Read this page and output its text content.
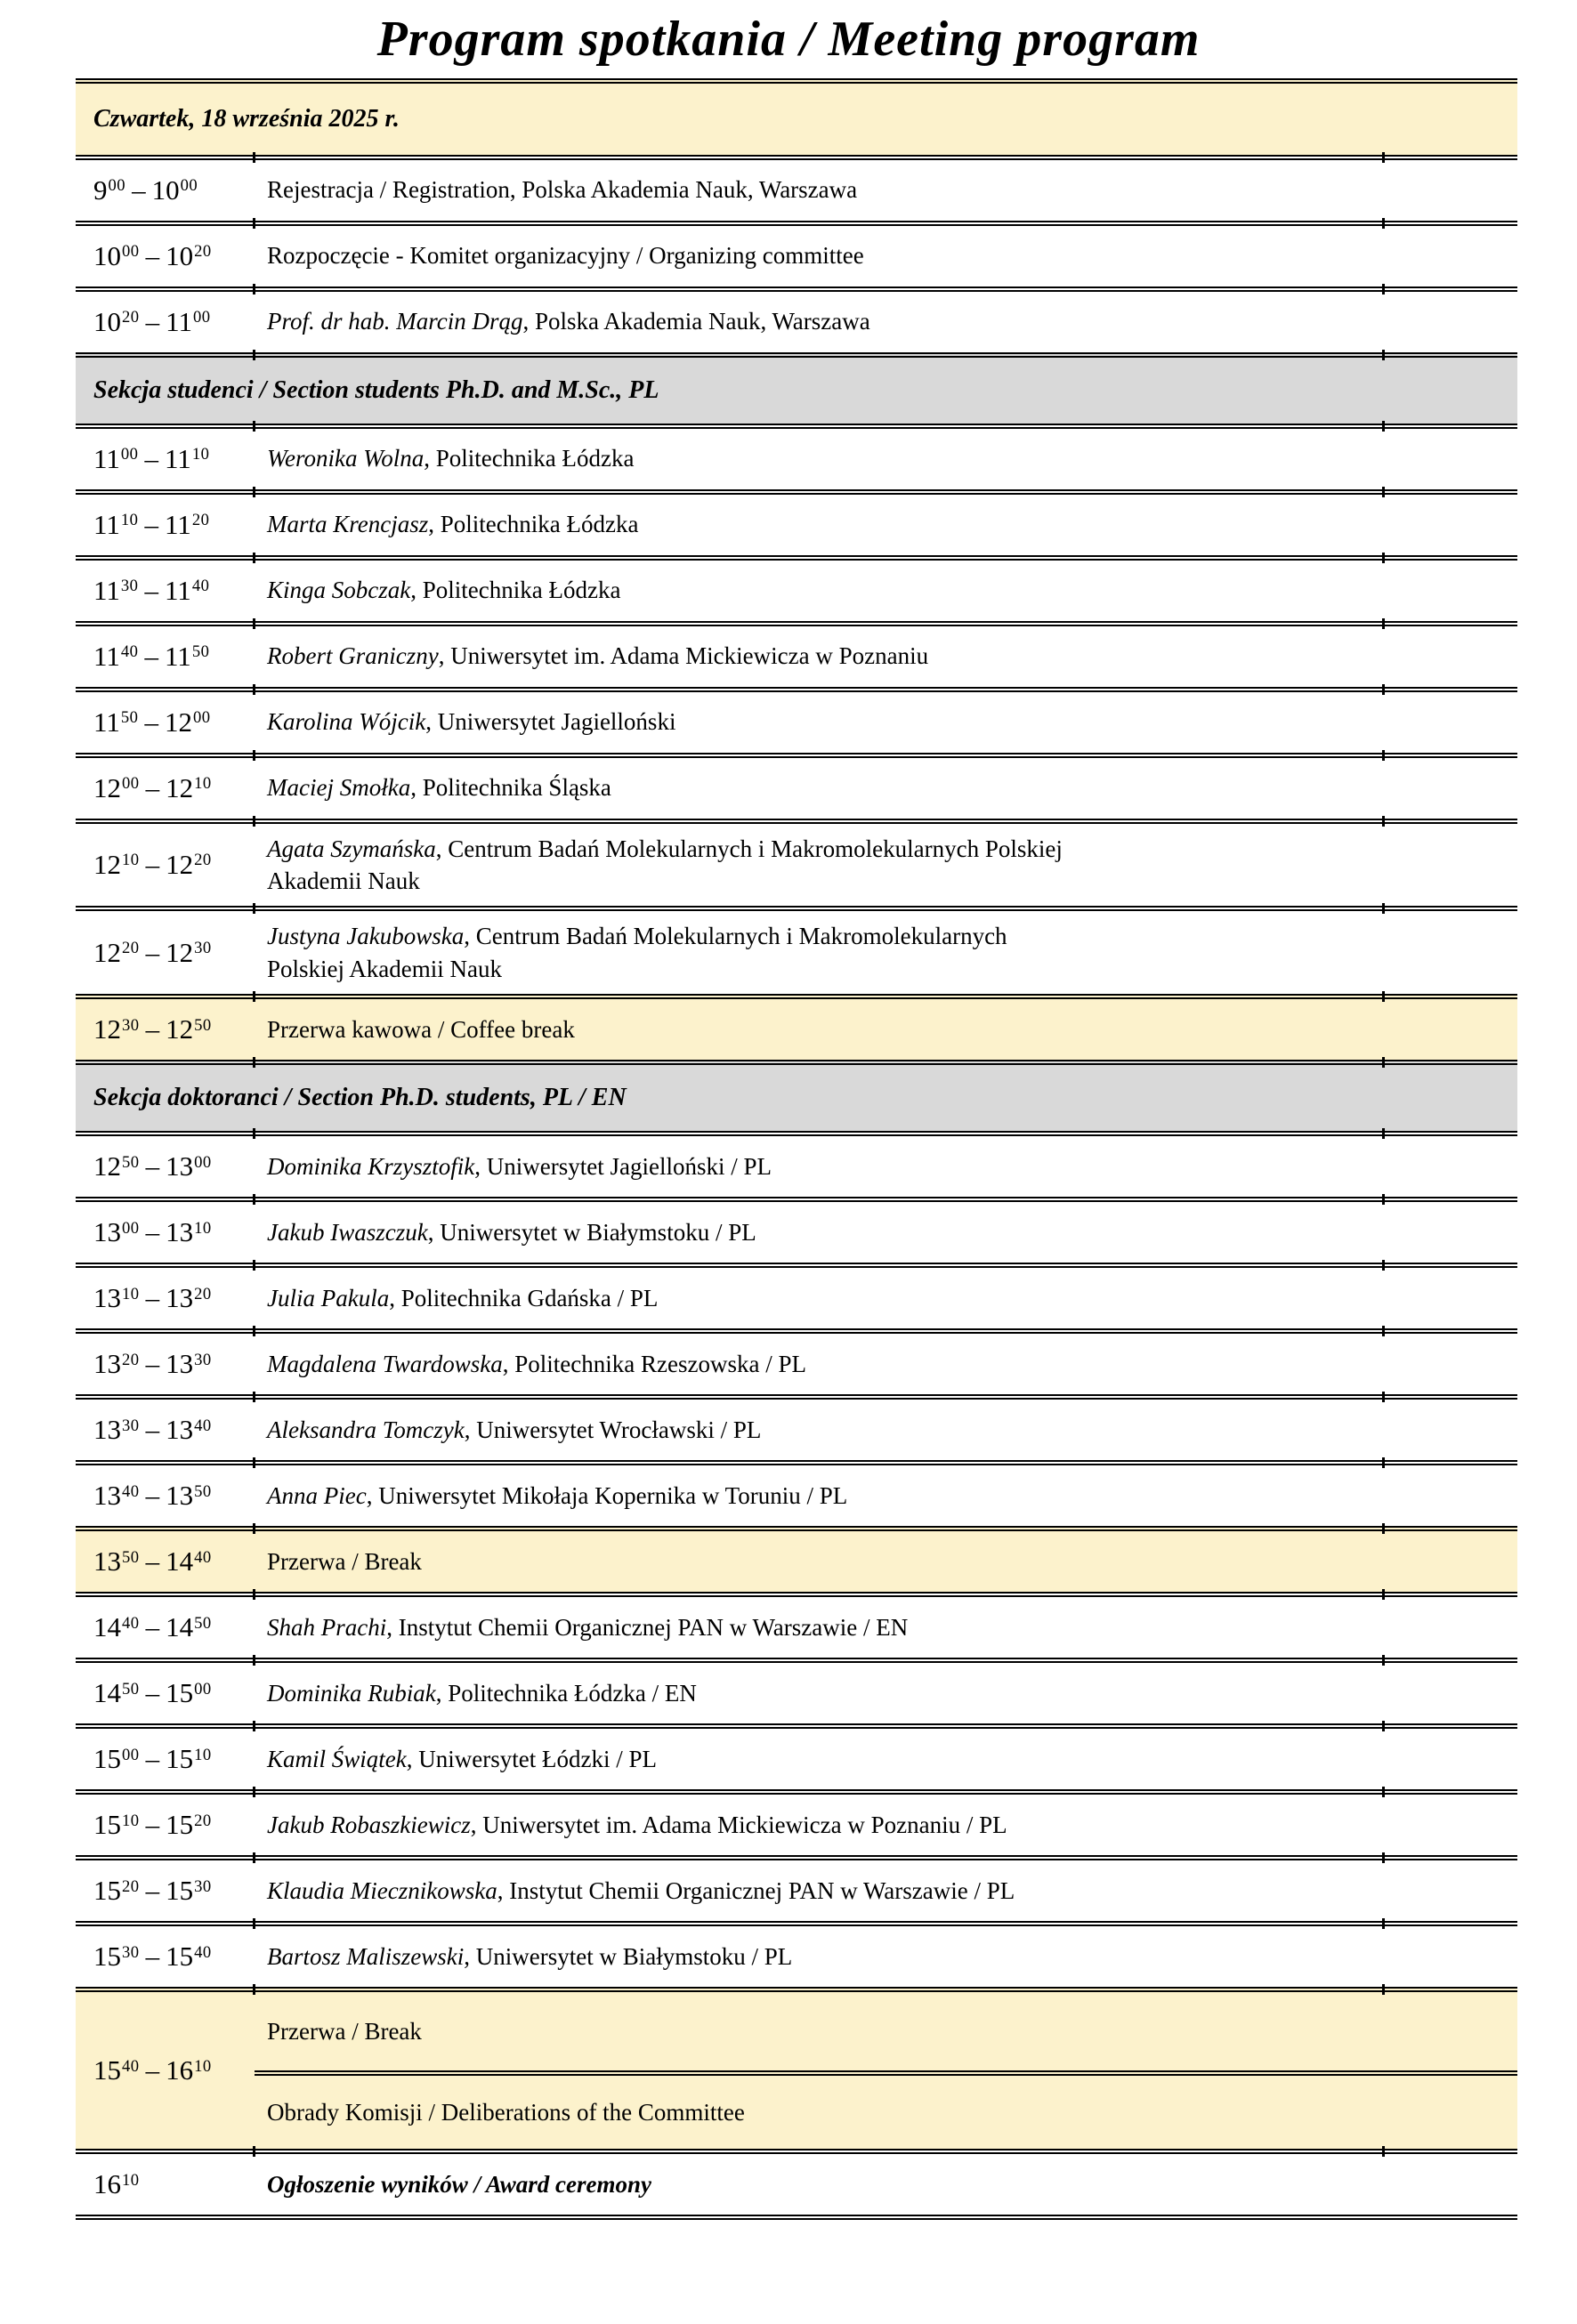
Program spotkania / Meeting program
Czwartek, 18 września 2025 r.
$9^{00} - 10^{00}$	Rejestracja / Registration, Polska Akademia Nauk, Warszawa
$10^{00} - 10^{20}$ Rozpoczęcie - Komitet organizacyjny / Organizing committee
$10^{20} - 11^{00}$ Prof. dr hab. Marcin Drąg, Polska Akademia Nauk, Warszawa
Sekcja studenci / Section students Ph.D. and M.Sc., PL
$11^{00} - 11^{10}$ Weronika Wolna, Politechnika Łódzka
$11^{10} - 11^{20}$ Marta Krencjasz, Politechnika Łódzka
$11^{30} - 11^{40}$ Kinga Sobczak, Politechnika Łódzka
$11^{40} - 11^{50}$ Robert Graniczny, Uniwersytet im. Adama Mickiewicza w Poznaniu
$11^{50} - 12^{00}$ Karolina Wójcik, Uniwersytet Jagielloński
$12^{00} - 12^{10}$ Maciej Smołka, Politechnika Śląska
$12^{10} - 12^{20}$ Agata Szymańska, Centrum Badań Molekularnych i Makromolekularnych Polskiej
Akademii Nauk
$12^{20} - 12^{30}$ Justyna Jakubowska, Centrum Badań Molekularnych i Makromolekularnych
Polskiej Akademii Nauk
$12^{30} - 12^{50}$ Przerwa kawowa / Coffee break
Sekcja doktoranci / Section Ph.D. students, PL / EN
$12^{50} - 13^{00}$ Dominika Krzysztofik, Uniwersytet Jagielloński / PL
$13^{00} - 13^{10}$ Jakub Iwaszczuk, Uniwersytet w Białymstoku / PL
$13^{10} - 13^{20}$ Julia Pakula, Politechnika Gdańska / PL
$13^{20} - 13^{30}$ Magdalena Twardowska, Politechnika Rzeszowska / PL
$13^{30} - 13^{40}$ Aleksandra Tomczyk, Uniwersytet Wrocławski / PL
$13^{40} - 13^{50}$ Anna Piec, Uniwersytet Mikołaja Kopernika w Toruniu / PL
$13^{50} - 14^{40}$ Przerwa / Break
$14^{40} - 14^{50}$ Shah Prachi, Instytut Chemii Organicznej PAN w Warszawie / EN
$14^{50} - 15^{00}$ Dominika Rubiak, Politechnika Łódzka / EN
$15^{00} - 15^{10}$ Kamil Świątek, Uniwersytet Łódzki / PL
$15^{10} - 15^{20}$ Jakub Robaszkiewicz, Uniwersytet im. Adama Mickiewicza w Poznaniu / PL
$15^{20} - 15^{30}$ Klaudia Miecznikowska, Instytut Chemii Organicznej PAN w Warszawie / PL
$15^{30} - 15^{40}$ Bartosz Maliszewski, Uniwersytet w Białymstoku / PL
$15^{40} - 16^{10}$
Przerwa / Break
Obrady Komisji / Deliberations of the Committee
$16^{10}$	Ogłoszenie wyników / Award ceremony
